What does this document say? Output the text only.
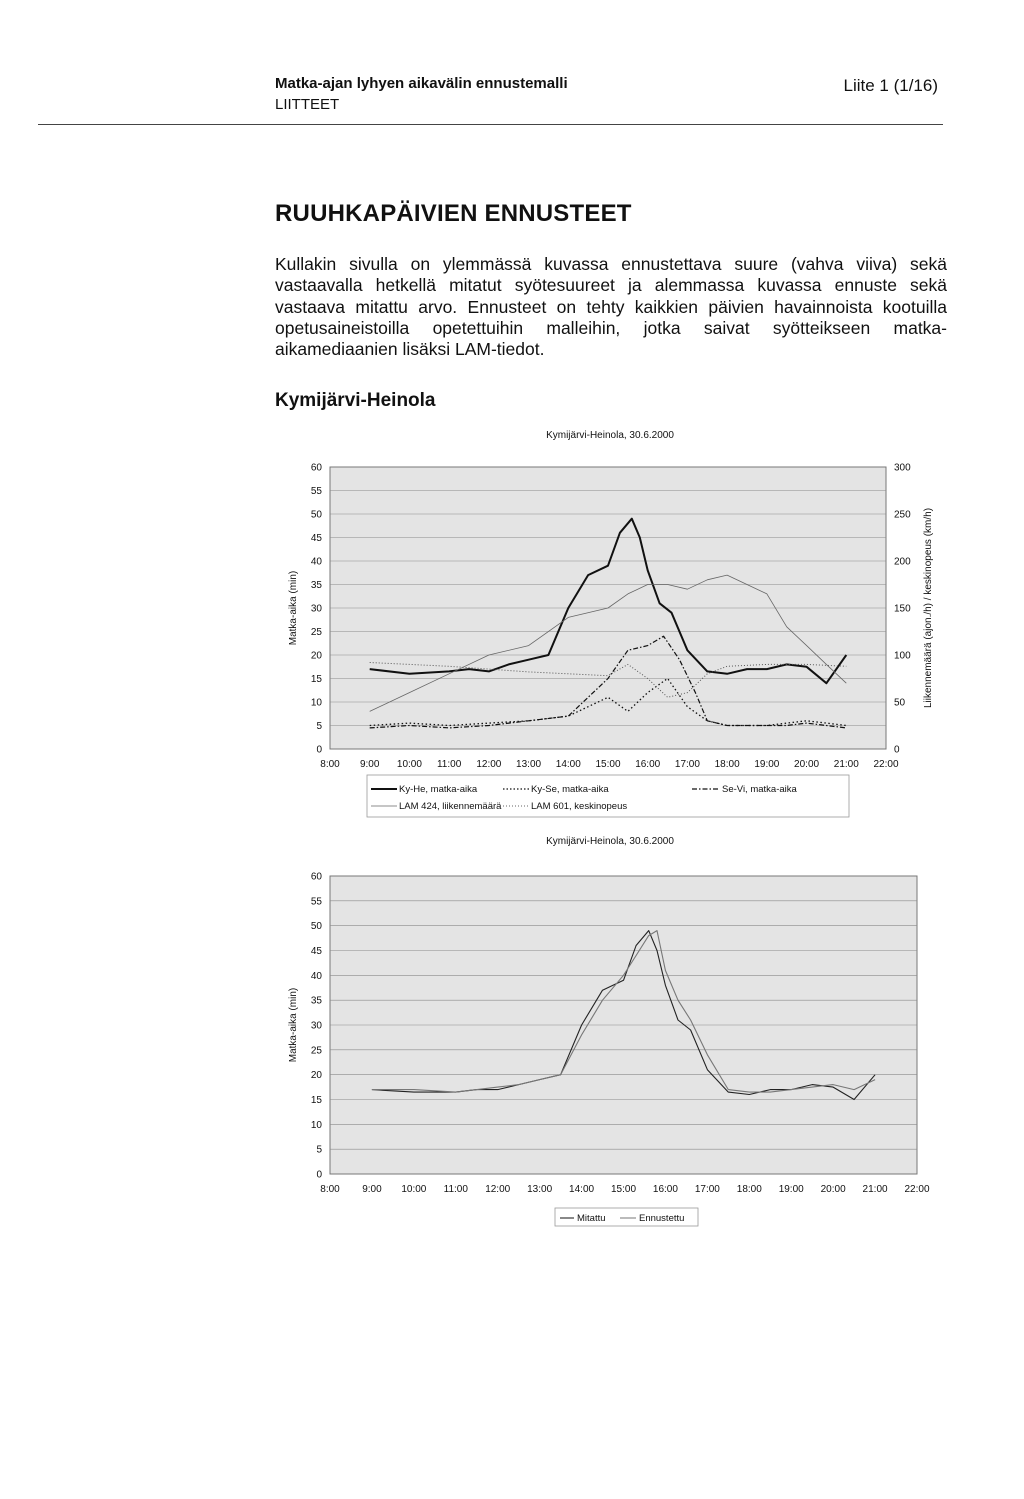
Matka-ajan lyhyen aikavälin ennustemalli
LIITTEET
Liite 1 (1/16)
RUUHKAPÄIVIEN ENNUSTEET
Kullakin sivulla on ylemmässä kuvassa ennustettava suure (vahva viiva) sekä vastaavalla hetkellä mitatut syötesuureet ja alemmassa kuvassa ennuste sekä vastaava mitattu arvo. Ennusteet on tehty kaikkien päivien havainnoista kootuilla opetusaineistoilla opetettuihin malleihin, jotka saivat syötteikseen matka-aikamediaanien lisäksi LAM-tiedot.
Kymijärvi-Heinola
Kymijärvi-Heinola, 30.6.2000
0
5
10
15
20
25
30
35
40
45
50
55
60
0
50
100
150
200
250
300
8:00 9:00 10:00 11:00 12:00 13:00 14:00 15:00 16:00 17:00 18:00 19:00 20:00 21:00 22:00
Matka-aika (min)	Liikennemäärä (ajon./h) / keskinopeus (km/h)
Ky-He, matka-aika	Ky-Se, matka-aika	Se-Vi, matka-aika
LAM 424, liikennemäärä	LAM 601, keskinopeus
Kymijärvi-Heinola, 30.6.2000
0
5
10
15
20
25
30
35
40
45
50
55
60
8:00 9:00 10:00 11:00 12:00 13:00 14:00 15:00 16:00 17:00 18:00 19:00 20:00 21:00 22:00
Matka-aika (min)
Mitattu	Ennustettu
